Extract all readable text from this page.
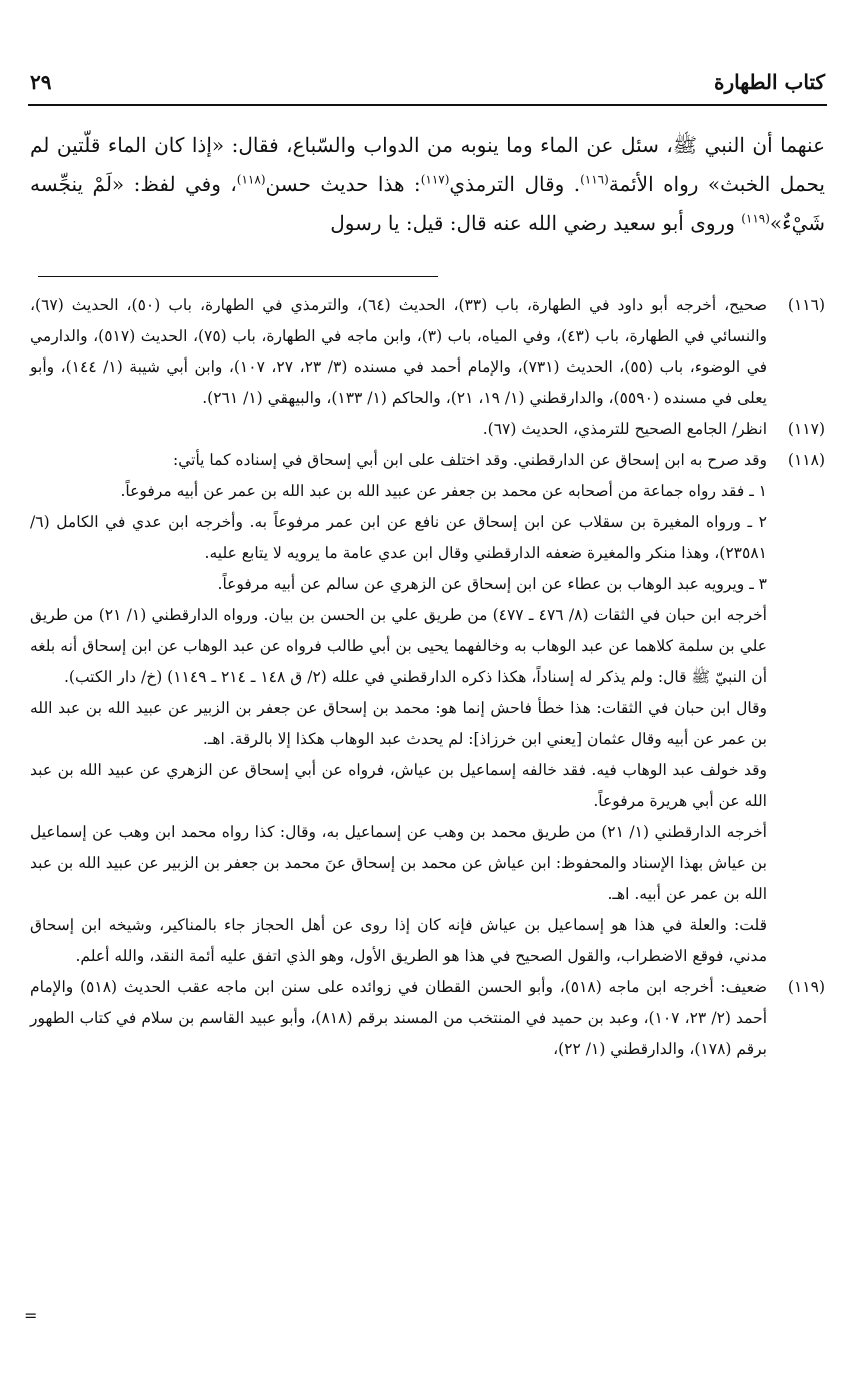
كتاب الطهارة
٢٩

عنهما أن النبي ﷺ، سئل عن الماء وما ينوبه من الدواب والسّباع، فقال: «إذا كان الماء قلّتين لم يحمل الخبث» رواه الأئمة$^{(١١٦)}$. وقال الترمذي$^{(١١٧)}$: هذا حديث حسن$^{(١١٨)}$، وفي لفظ: «لَمْ ينجِّسه شَيْءٌ»$^{(١١٩)}$ وروى أبو سعيد رضي الله عنه قال: قيل: يا رسول

(١١٦)

صحيح، أخرجه أبو داود في الطهارة، باب (٣٣)، الحديث (٦٤)، والترمذي في الطهارة، باب (٥٠)، الحديث (٦٧)، والنسائي في الطهارة، باب (٤٣)، وفي المياه، باب (٣)، وابن ماجه في الطهارة، باب (٧٥)، الحديث (٥١٧)، والدارمي في الوضوء، باب (٥٥)، الحديث (٧٣١)، والإمام أحمد في مسنده (٣/ ٢٣، ٢٧، ١٠٧)، وابن أبي شيبة (١/ ١٤٤)، وأبو يعلى في مسنده (٥٥٩٠)، والدارقطني (١/ ١٩، ٢١)، والحاكم (١/ ١٣٣)، والبيهقي (١/ ٢٦١).

(١١٧)

انظر/ الجامع الصحيح للترمذي، الحديث (٦٧).

(١١٨)

وقد صرح به ابن إسحاق عن الدارقطني. وقد اختلف على ابن أبي إسحاق في إسناده كما يأتي:

١ ـ فقد رواه جماعة من أصحابه عن محمد بن جعفر عن عبيد الله بن عبد الله بن عمر عن أبيه مرفوعاً.

٢ ـ ورواه المغيرة بن سقلاب عن ابن إسحاق عن نافع عن ابن عمر مرفوعاً به. وأخرجه ابن عدي في الكامل (٦/ ٢٣٥٨١)، وهذا منكر والمغيرة ضعفه الدارقطني وقال ابن عدي عامة ما يرويه لا يتابع عليه.

٣ ـ ويرويه عبد الوهاب بن عطاء عن ابن إسحاق عن الزهري عن سالم عن أبيه مرفوعاً.

أخرجه ابن حبان في الثقات (٨/ ٤٧٦ ـ ٤٧٧) من طريق علي بن الحسن بن بيان. ورواه الدارقطني (١/ ٢١) من طريق علي بن سلمة كلاهما عن عبد الوهاب به وخالفهما يحيى بن أبي طالب فرواه عن عبد الوهاب عن ابن إسحاق أنه بلغه أن النبيّ ﷺ قال: ولم يذكر له إسناداً، هكذا ذكره الدارقطني في علله (٢/ ق ١٤٨ ـ ٢١٤ ـ ١١٤٩) (خ/ دار الكتب).

وقال ابن حبان في الثقات: هذا خطأ فاحش إنما هو: محمد بن إسحاق عن جعفر بن الزبير عن عبيد الله بن عبد الله بن عمر عن أبيه وقال عثمان [يعني ابن خرزاذ]: لم يحدث عبد الوهاب هكذا إلا بالرقة. اهـ.

وقد خولف عبد الوهاب فيه. فقد خالفه إسماعيل بن عياش، فرواه عن أبي إسحاق عن الزهري عن عبيد الله بن عبد الله عن أبي هريرة مرفوعاً.

أخرجه الدارقطني (١/ ٢١) من طريق محمد بن وهب عن إسماعيل به، وقال: كذا رواه محمد ابن وهب عن إسماعيل بن عياش بهذا الإسناد والمحفوظ: ابن عياش عن محمد بن إسحاق عنَ محمد بن جعفر بن الزبير عن عبيد الله بن عبد الله بن عمر عن أبيه. اهـ.

قلت: والعلة في هذا هو إسماعيل بن عياش فإنه كان إذا روى عن أهل الحجاز جاء بالمناكير، وشيخه ابن إسحاق مدني، فوقع الاضطراب، والقول الصحيح في هذا هو الطريق الأول، وهو الذي اتفق عليه أئمة النقد، والله أعلم.

(١١٩)

ضعيف: أخرجه ابن ماجه (٥١٨)، وأبو الحسن القطان في زوائده على سنن ابن ماجه عقب الحديث (٥١٨) والإمام أحمد (٢/ ٢٣، ١٠٧)، وعبد بن حميد في المنتخب من المسند برقم (٨١٨)، وأبو عبيد القاسم بن سلام في كتاب الطهور برقم (١٧٨)، والدارقطني (١/ ٢٢)،

=
